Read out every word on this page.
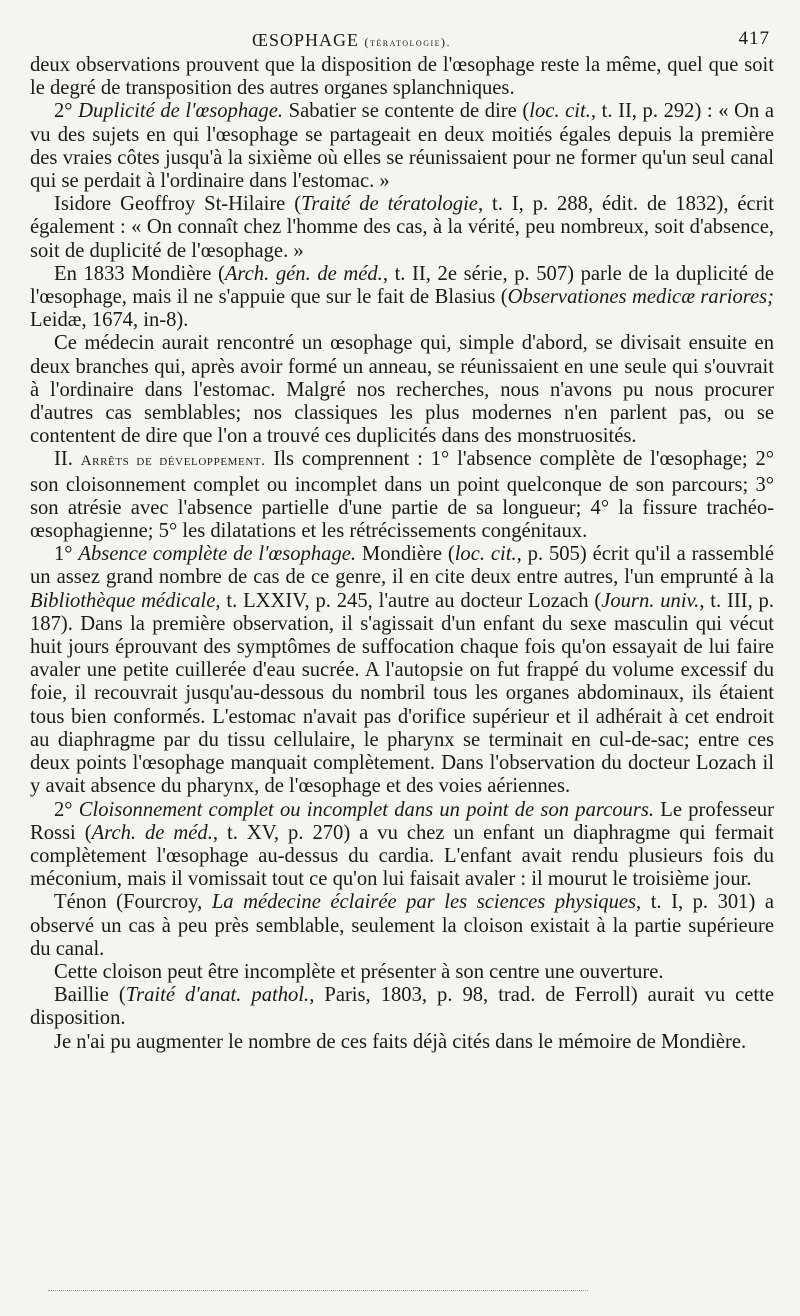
ŒSOPHAGE (tératologie).	417

deux observations prouvent que la disposition de l'œsophage reste la même, quel que soit le degré de transposition des autres organes splanchniques.

2° Duplicité de l'œsophage. Sabatier se contente de dire (loc. cit., t. II, p. 292) : « On a vu des sujets en qui l'œsophage se partageait en deux moitiés égales depuis la première des vraies côtes jusqu'à la sixième où elles se réunissaient pour ne former qu'un seul canal qui se perdait à l'ordinaire dans l'estomac. »

Isidore Geoffroy St-Hilaire (Traité de tératologie, t. I, p. 288, édit. de 1832), écrit également : « On connaît chez l'homme des cas, à la vérité, peu nombreux, soit d'absence, soit de duplicité de l'œsophage. »

En 1833 Mondière (Arch. gén. de méd., t. II, 2e série, p. 507) parle de la duplicité de l'œsophage, mais il ne s'appuie que sur le fait de Blasius (Observationes medicæ rariores; Leidæ, 1674, in-8).

Ce médecin aurait rencontré un œsophage qui, simple d'abord, se divisait ensuite en deux branches qui, après avoir formé un anneau, se réunissaient en une seule qui s'ouvrait à l'ordinaire dans l'estomac. Malgré nos recherches, nous n'avons pu nous procurer d'autres cas semblables; nos classiques les plus modernes n'en parlent pas, ou se contentent de dire que l'on a trouvé ces duplicités dans des monstruosités.

II. Arrêts de développement. Ils comprennent : 1° l'absence complète de l'œsophage; 2° son cloisonnement complet ou incomplet dans un point quelconque de son parcours; 3° son atrésie avec l'absence partielle d'une partie de sa longueur; 4° la fissure trachéo-œsophagienne; 5° les dilatations et les rétrécissements congénitaux.

1° Absence complète de l'œsophage. Mondière (loc. cit., p. 505) écrit qu'il a rassemblé un assez grand nombre de cas de ce genre, il en cite deux entre autres, l'un emprunté à la Bibliothèque médicale, t. LXXIV, p. 245, l'autre au docteur Lozach (Journ. univ., t. III, p. 187). Dans la première observation, il s'agissait d'un enfant du sexe masculin qui vécut huit jours éprouvant des symptômes de suffocation chaque fois qu'on essayait de lui faire avaler une petite cuillerée d'eau sucrée. A l'autopsie on fut frappé du volume excessif du foie, il recouvrait jusqu'au-dessous du nombril tous les organes abdominaux, ils étaient tous bien conformés. L'estomac n'avait pas d'orifice supérieur et il adhérait à cet endroit au diaphragme par du tissu cellulaire, le pharynx se terminait en cul-de-sac; entre ces deux points l'œsophage manquait complètement. Dans l'observation du docteur Lozach il y avait absence du pharynx, de l'œsophage et des voies aériennes.

2° Cloisonnement complet ou incomplet dans un point de son parcours. Le professeur Rossi (Arch. de méd., t. XV, p. 270) a vu chez un enfant un diaphragme qui fermait complètement l'œsophage au-dessus du cardia. L'enfant avait rendu plusieurs fois du méconium, mais il vomissait tout ce qu'on lui faisait avaler : il mourut le troisième jour.

Ténon (Fourcroy, La médecine éclairée par les sciences physiques, t. I, p. 301) a observé un cas à peu près semblable, seulement la cloison existait à la partie supérieure du canal.

Cette cloison peut être incomplète et présenter à son centre une ouverture.

Baillie (Traité d'anat. pathol., Paris, 1803, p. 98, trad. de Ferroll) aurait vu cette disposition.

Je n'ai pu augmenter le nombre de ces faits déjà cités dans le mémoire de Mondière.
